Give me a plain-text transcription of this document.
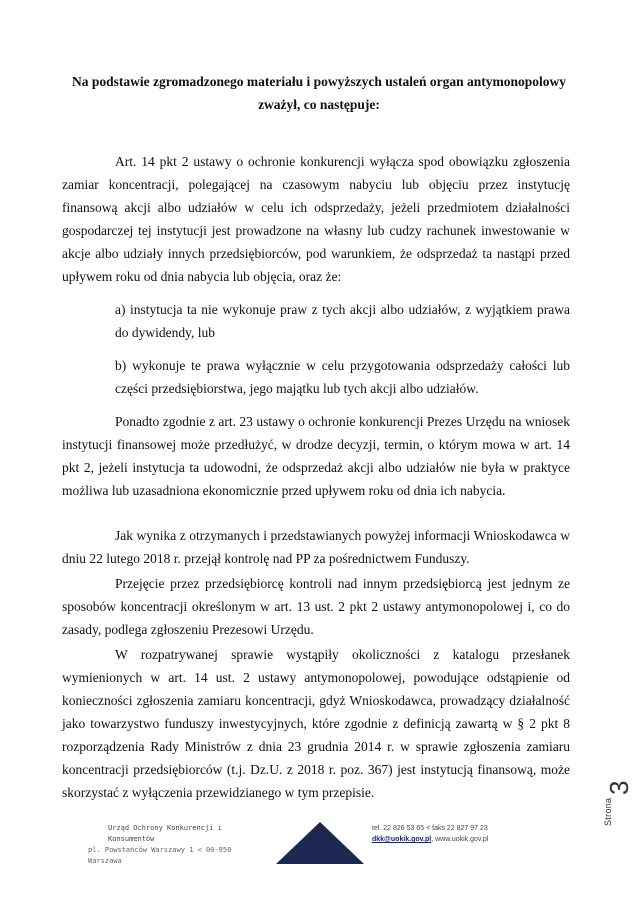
Na podstawie zgromadzonego materiału i powyższych ustaleń organ antymonopolowy
zważył, co następuje:

Art. 14 pkt 2 ustawy o ochronie konkurencji wyłącza spod obowiązku zgłoszenia zamiar koncentracji, polegającej na czasowym nabyciu lub objęciu przez instytucję finansową akcji albo udziałów w celu ich odsprzedaży, jeżeli przedmiotem działalności gospodarczej tej instytucji jest prowadzone na własny lub cudzy rachunek inwestowanie w akcje albo udziały innych przedsiębiorców, pod warunkiem, że odsprzedaż ta nastąpi przed upływem roku od dnia nabycia lub objęcia, oraz że:

a) instytucja ta nie wykonuje praw z tych akcji albo udziałów, z wyjątkiem prawa do dywidendy, lub

b) wykonuje te prawa wyłącznie w celu przygotowania odsprzedaży całości lub części przedsiębiorstwa, jego majątku lub tych akcji albo udziałów.

Ponadto zgodnie z art. 23 ustawy o ochronie konkurencji Prezes Urzędu na wniosek instytucji finansowej może przedłużyć, w drodze decyzji, termin, o którym mowa w art. 14 pkt 2, jeżeli instytucja ta udowodni, że odsprzedaż akcji albo udziałów nie była w praktyce możliwa lub uzasadniona ekonomicznie przed upływem roku od dnia ich nabycia.

Jak wynika z otrzymanych i przedstawianych powyżej informacji Wnioskodawca w dniu 22 lutego 2018 r. przejął kontrolę nad PP za pośrednictwem Funduszy.

Przejęcie przez przedsiębiorcę kontroli nad innym przedsiębiorcą jest jednym ze sposobów koncentracji określonym w art. 13 ust. 2 pkt 2 ustawy antymonopolowej i, co do zasady, podlega zgłoszeniu Prezesowi Urzędu.

W rozpatrywanej sprawie wystąpiły okoliczności z katalogu przesłanek wymienionych w art. 14 ust. 2 ustawy antymonopolowej, powodujące odstąpienie od konieczności zgłoszenia zamiaru koncentracji, gdyż Wnioskodawca, prowadzący działalność jako towarzystwo funduszy inwestycyjnych, które zgodnie z definicją zawartą w § 2 pkt 8 rozporządzenia Rady Ministrów z dnia 23 grudnia 2014 r. w sprawie zgłoszenia zamiaru koncentracji przedsiębiorców (t.j. Dz.U. z 2018 r. poz. 367) jest instytucją finansową, może skorzystać z wyłączenia przewidzianego w tym przepisie.

Strona
3
Urząd Ochrony Konkurencji i Konsumentów
pl. Powstańców Warszawy 1 < 00-950 Warszawa
tel. 22 826 53 65 < faks 22 827 97 23
dkk@uokik.gov.pl, www.uokik.gov.pl
